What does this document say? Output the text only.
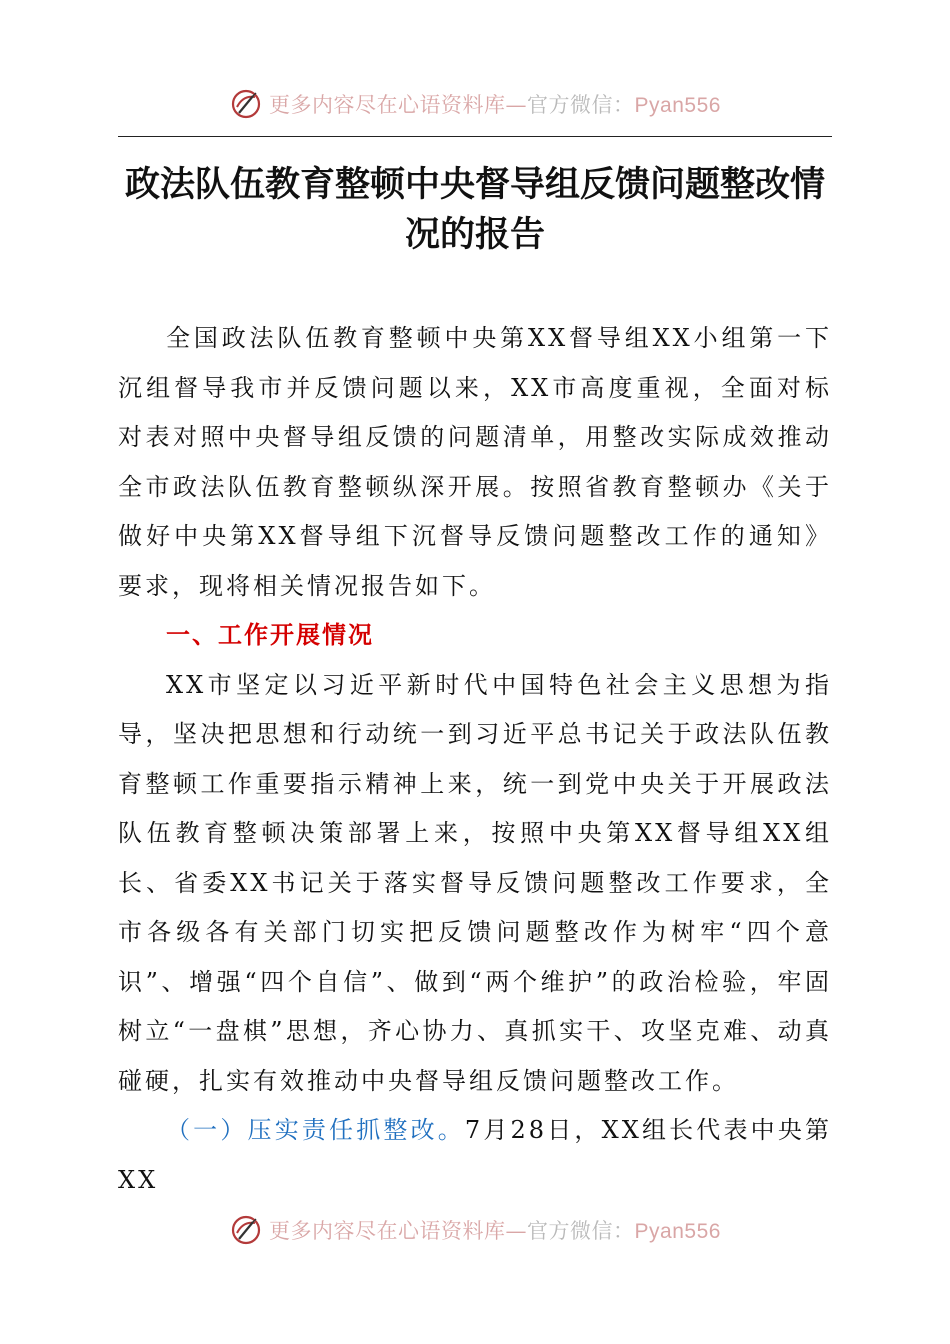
更多内容尽在心语资料库—官方微信：Pyan556
政法队伍教育整顿中央督导组反馈问题整改情
况的报告

全国政法队伍教育整顿中央第XX督导组XX小组第一下沉组督导我市并反馈问题以来，XX市高度重视，全面对标对表对照中央督导组反馈的问题清单，用整改实际成效推动全市政法队伍教育整顿纵深开展。按照省教育整顿办《关于做好中央第XX督导组下沉督导反馈问题整改工作的通知》要求，现将相关情况报告如下。

一、工作开展情况

XX市坚定以习近平新时代中国特色社会主义思想为指导，坚决把思想和行动统一到习近平总书记关于政法队伍教育整顿工作重要指示精神上来，统一到党中央关于开展政法队伍教育整顿决策部署上来，按照中央第XX督导组XX组长、省委XX书记关于落实督导反馈问题整改工作要求，全市各级各有关部门切实把反馈问题整改作为树牢“四个意识”、增强“四个自信”、做到“两个维护”的政治检验，牢固树立“一盘棋”思想，齐心协力、真抓实干、攻坚克难、动真碰硬，扎实有效推动中央督导组反馈问题整改工作。

（一）压实责任抓整改。7月28日，XX组长代表中央第XX

更多内容尽在心语资料库—官方微信：Pyan556
